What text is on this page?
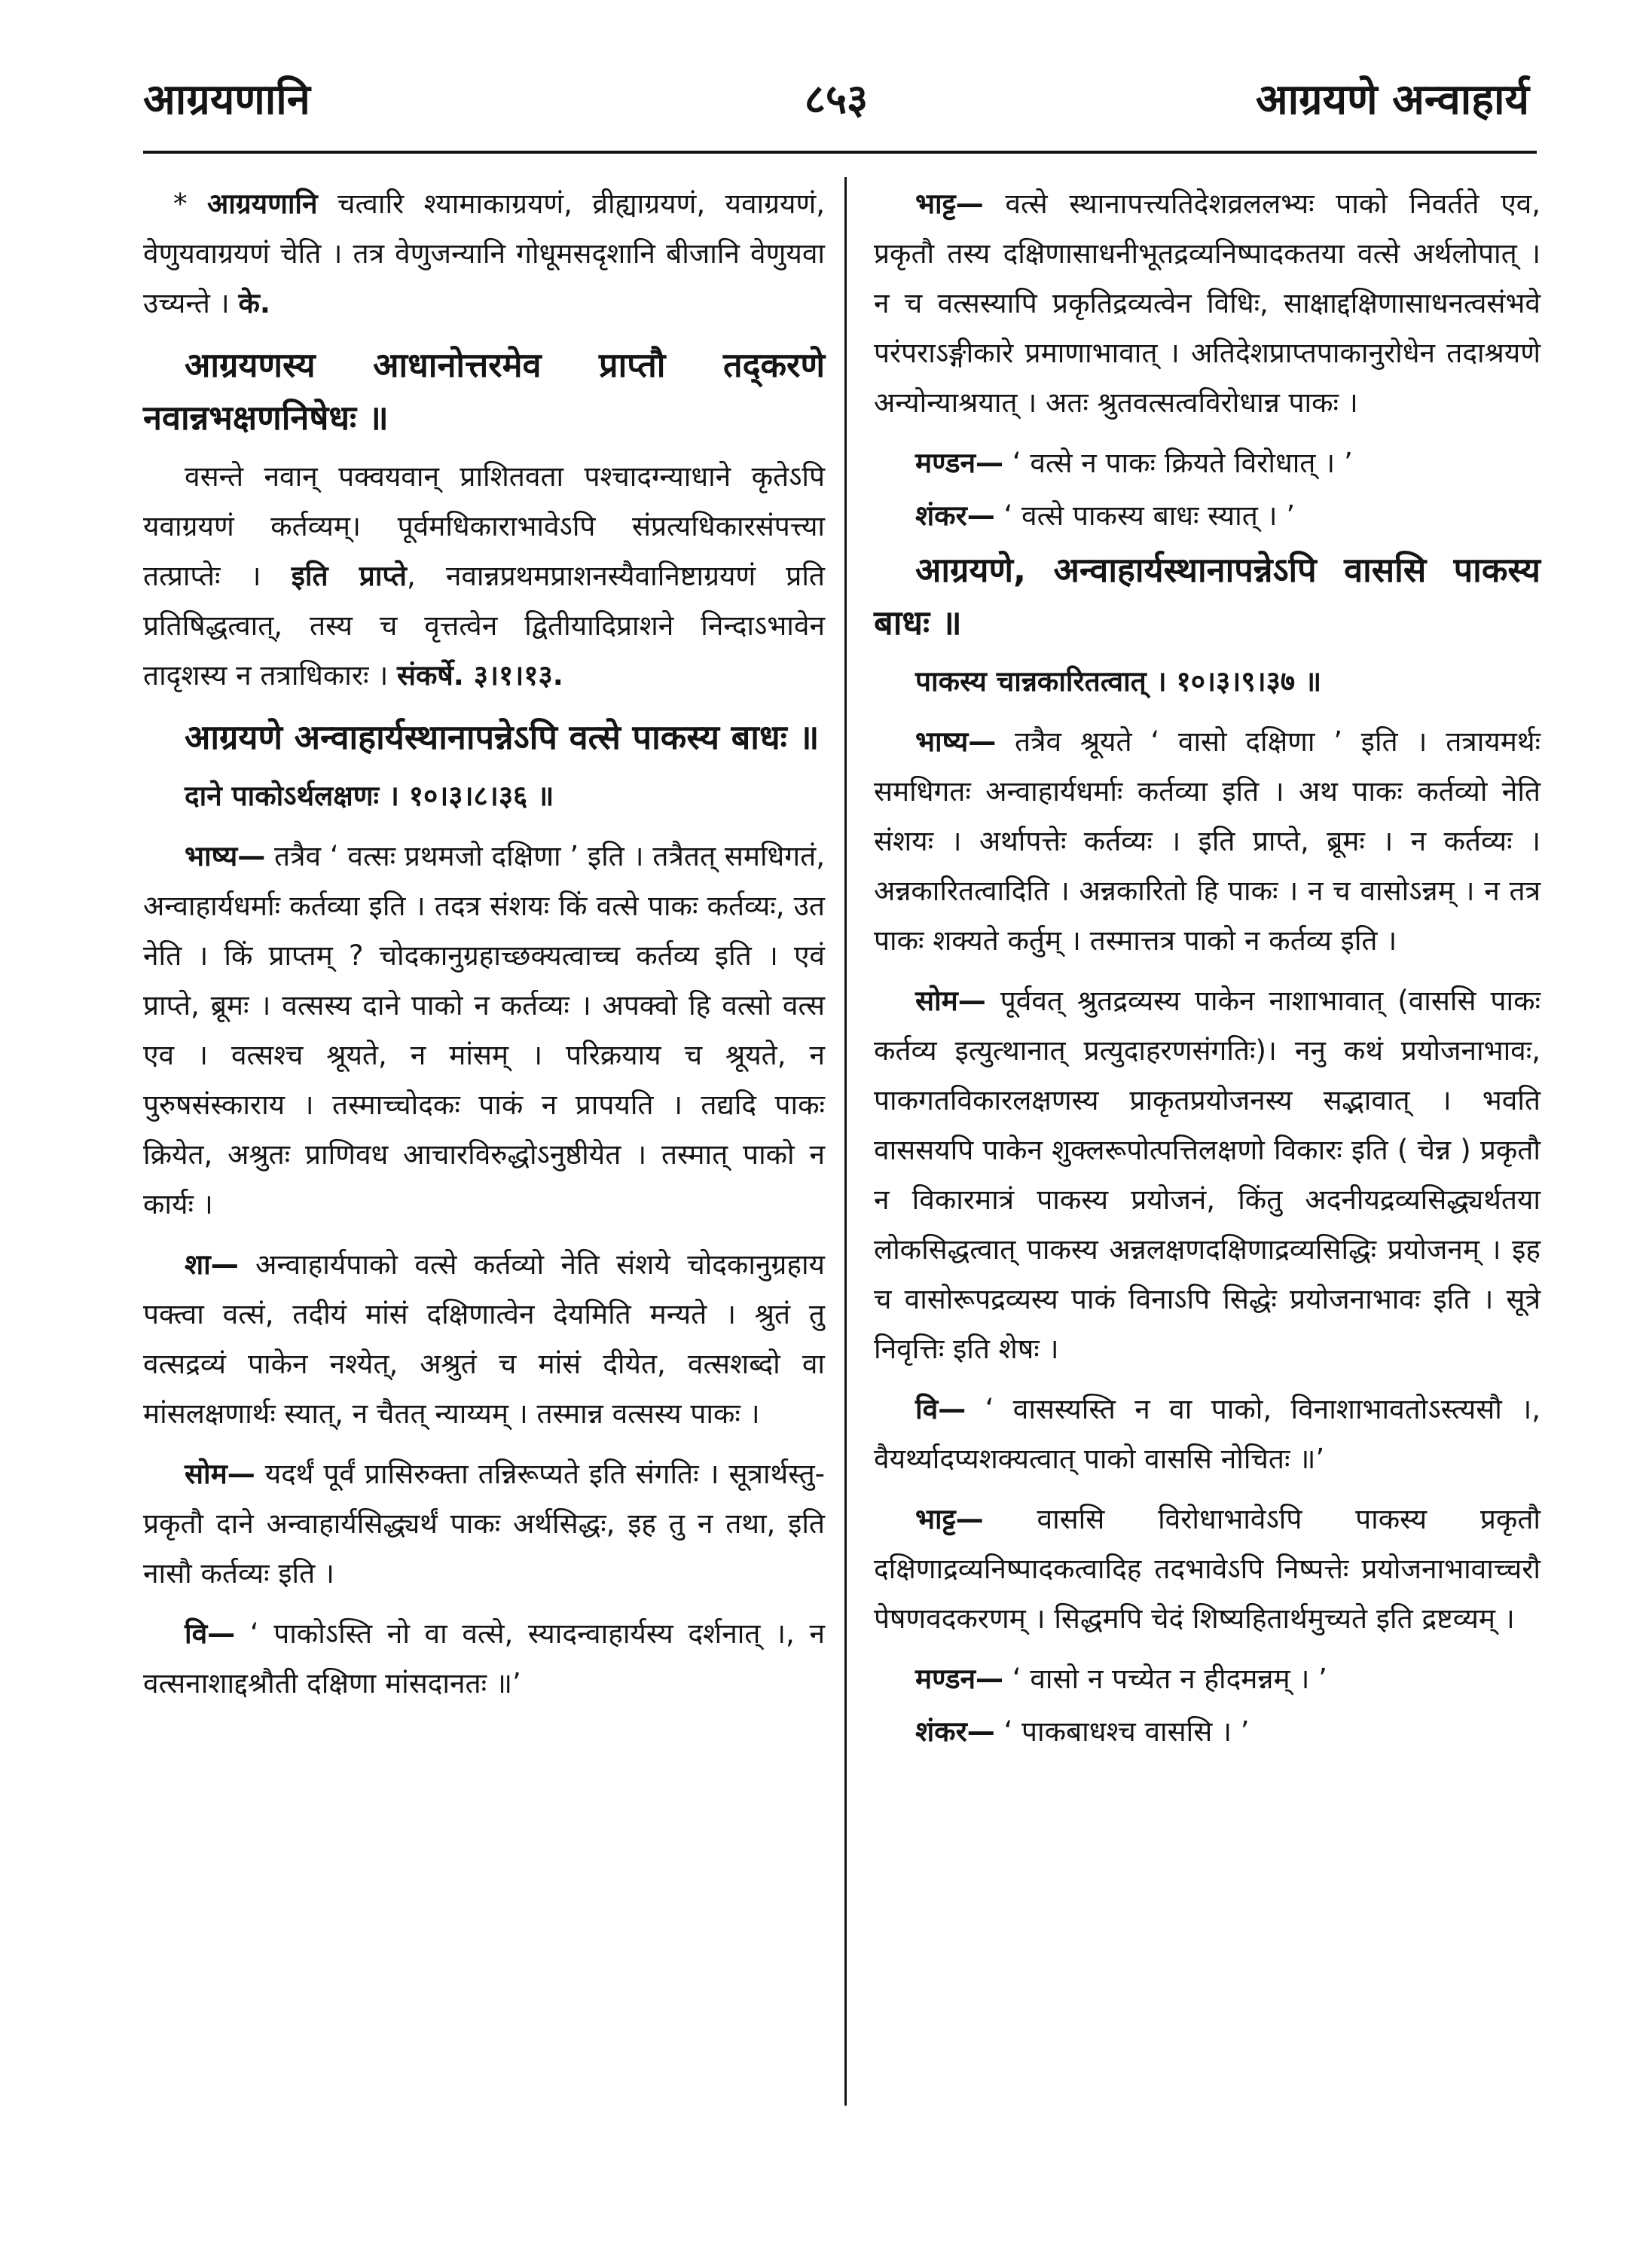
आग्रयणानि	८५३	आग्रयणे अन्वाहार्य

* आग्रयणानि चत्वारि श्यामाकाग्रयणं, व्रीह्याग्रयणं, यवाग्रयणं, वेणुयवाग्रयणं चेति । तत्र वेणुजन्यानि गोधूमसदृशानि बीजानि वेणुयवा उच्यन्ते । के.

आग्रयणस्य आधानोत्तरमेव प्राप्तौ तद्करणे नवान्नभक्षणनिषेधः ॥

वसन्ते नवान् पक्वयवान् प्राशितवता पश्चादग्न्याधाने कृतेऽपि यवाग्रयणं कर्तव्यम्। पूर्वमधिकाराभावेऽपि संप्रत्यधिकारसंपत्त्या तत्प्राप्तेः । इति प्राप्ते, नवान्नप्रथमप्राशनस्यैवानिष्टाग्रयणं प्रति प्रतिषिद्धत्वात्, तस्य च वृत्तत्वेन द्वितीयादिप्राशने निन्दाऽभावेन तादृशस्य न तत्राधिकारः । संकर्षे. ३।१।१३.

आग्रयणे अन्वाहार्यस्थानापन्नेऽपि वत्से पाकस्य बाधः ॥

दाने पाकोऽर्थलक्षणः । १०।३।८।३६ ॥

भाष्य— तत्रैव ‘ वत्सः प्रथमजो दक्षिणा ’ इति । तत्रैतत् समधिगतं, अन्वाहार्यधर्माः कर्तव्या इति । तदत्र संशयः किं वत्से पाकः कर्तव्यः, उत नेति । किं प्राप्तम् ? चोदकानुग्रहाच्छक्यत्वाच्च कर्तव्य इति । एवं प्राप्ते, ब्रूमः । वत्सस्य दाने पाको न कर्तव्यः । अपक्वो हि वत्सो वत्स एव । वत्सश्च श्रूयते, न मांसम् । परिक्रयाय च श्रूयते, न पुरुषसंस्काराय । तस्माच्चोदकः पाकं न प्रापयति । तद्यदि पाकः क्रियेत, अश्रुतः प्राणिवध आचारविरुद्धोऽनुष्ठीयेत । तस्मात् पाको न कार्यः ।

शा— अन्वाहार्यपाको वत्से कर्तव्यो नेति संशये चोदकानुग्रहाय पक्त्वा वत्सं, तदीयं मांसं दक्षिणात्वेन देयमिति मन्यते । श्रुतं तु वत्सद्रव्यं पाकेन नश्येत्, अश्रुतं च मांसं दीयेत, वत्सशब्दो वा मांसलक्षणार्थः स्यात्, न चैतत् न्याय्यम् । तस्मान्न वत्सस्य पाकः ।

सोम— यदर्थं पूर्वं प्रासिरुक्ता तन्निरूप्यते इति संगतिः । सूत्रार्थस्तु- प्रकृतौ दाने अन्वाहार्यसिद्ध्यर्थं पाकः अर्थसिद्धः, इह तु न तथा, इति नासौ कर्तव्यः इति ।

वि— ‘ पाकोऽस्ति नो वा वत्से, स्यादन्वाहार्यस्य दर्शनात् ।, न वत्सनाशाद्दश्रौती दक्षिणा मांसदानतः ॥’

भाट्ट— वत्से स्थानापत्त्यतिदेशव्रललभ्यः पाको निवर्तते एव, प्रकृतौ तस्य दक्षिणासाधनीभूतद्रव्यनिष्पादकतया वत्से अर्थलोपात् । न च वत्सस्यापि प्रकृतिद्रव्यत्वेन विधिः, साक्षाद्दक्षिणासाधनत्वसंभवे परंपराऽङ्गीकारे प्रमाणाभावात् । अतिदेशप्राप्तपाकानुरोधेन तदाश्रयणे अन्योन्याश्रयात् । अतः श्रुतवत्सत्वविरोधान्न पाकः ।

मण्डन— ‘ वत्से न पाकः क्रियते विरोधात् । ’

शंकर— ‘ वत्से पाकस्य बाधः स्यात् । ’

आग्रयणे, अन्वाहार्यस्थानापन्नेऽपि वाससि पाकस्य बाधः ॥

पाकस्य चान्नकारितत्वात् । १०।३।९।३७ ॥

भाष्य— तत्रैव श्रूयते ‘ वासो दक्षिणा ’ इति । तत्रायमर्थः समधिगतः अन्वाहार्यधर्माः कर्तव्या इति । अथ पाकः कर्तव्यो नेति संशयः । अर्थापत्तेः कर्तव्यः । इति प्राप्ते, ब्रूमः । न कर्तव्यः । अन्नकारितत्वादिति । अन्नकारितो हि पाकः । न च वासोऽन्नम् । न तत्र पाकः शक्यते कर्तुम् । तस्मात्तत्र पाको न कर्तव्य इति ।

सोम— पूर्ववत् श्रुतद्रव्यस्य पाकेन नाशाभावात् (वाससि पाकः कर्तव्य इत्युत्थानात् प्रत्युदाहरणसंगतिः)। ननु कथं प्रयोजनाभावः, पाकगतविकारलक्षणस्य प्राकृतप्रयोजनस्य सद्भावात् । भवति वाससयपि पाकेन शुक्लरूपोत्पत्तिलक्षणो विकारः इति ( चेन्न ) प्रकृतौ न विकारमात्रं पाकस्य प्रयोजनं, किंतु अदनीयद्रव्यसिद्ध्यर्थतया लोकसिद्धत्वात् पाकस्य अन्नलक्षणदक्षिणाद्रव्यसिद्धिः प्रयोजनम् । इह च वासोरूपद्रव्यस्य पाकं विनाऽपि सिद्धेः प्रयोजनाभावः इति । सूत्रे निवृत्तिः इति शेषः ।

वि— ‘ वासस्यस्ति न वा पाको, विनाशाभावतोऽस्त्यसौ ।, वैयर्थ्यादप्यशक्यत्वात् पाको वाससि नोचितः ॥’

भाट्ट— वाससि विरोधाभावेऽपि पाकस्य प्रकृतौ दक्षिणाद्रव्यनिष्पादकत्वादिह तदभावेऽपि निष्पत्तेः प्रयोजनाभावाच्चरौ पेषणवदकरणम् । सिद्धमपि चेदं शिष्यहितार्थमुच्यते इति द्रष्टव्यम् ।

मण्डन— ‘ वासो न पच्येत न हीदमन्नम् । ’

शंकर— ‘ पाकबाधश्च वाससि । ’
